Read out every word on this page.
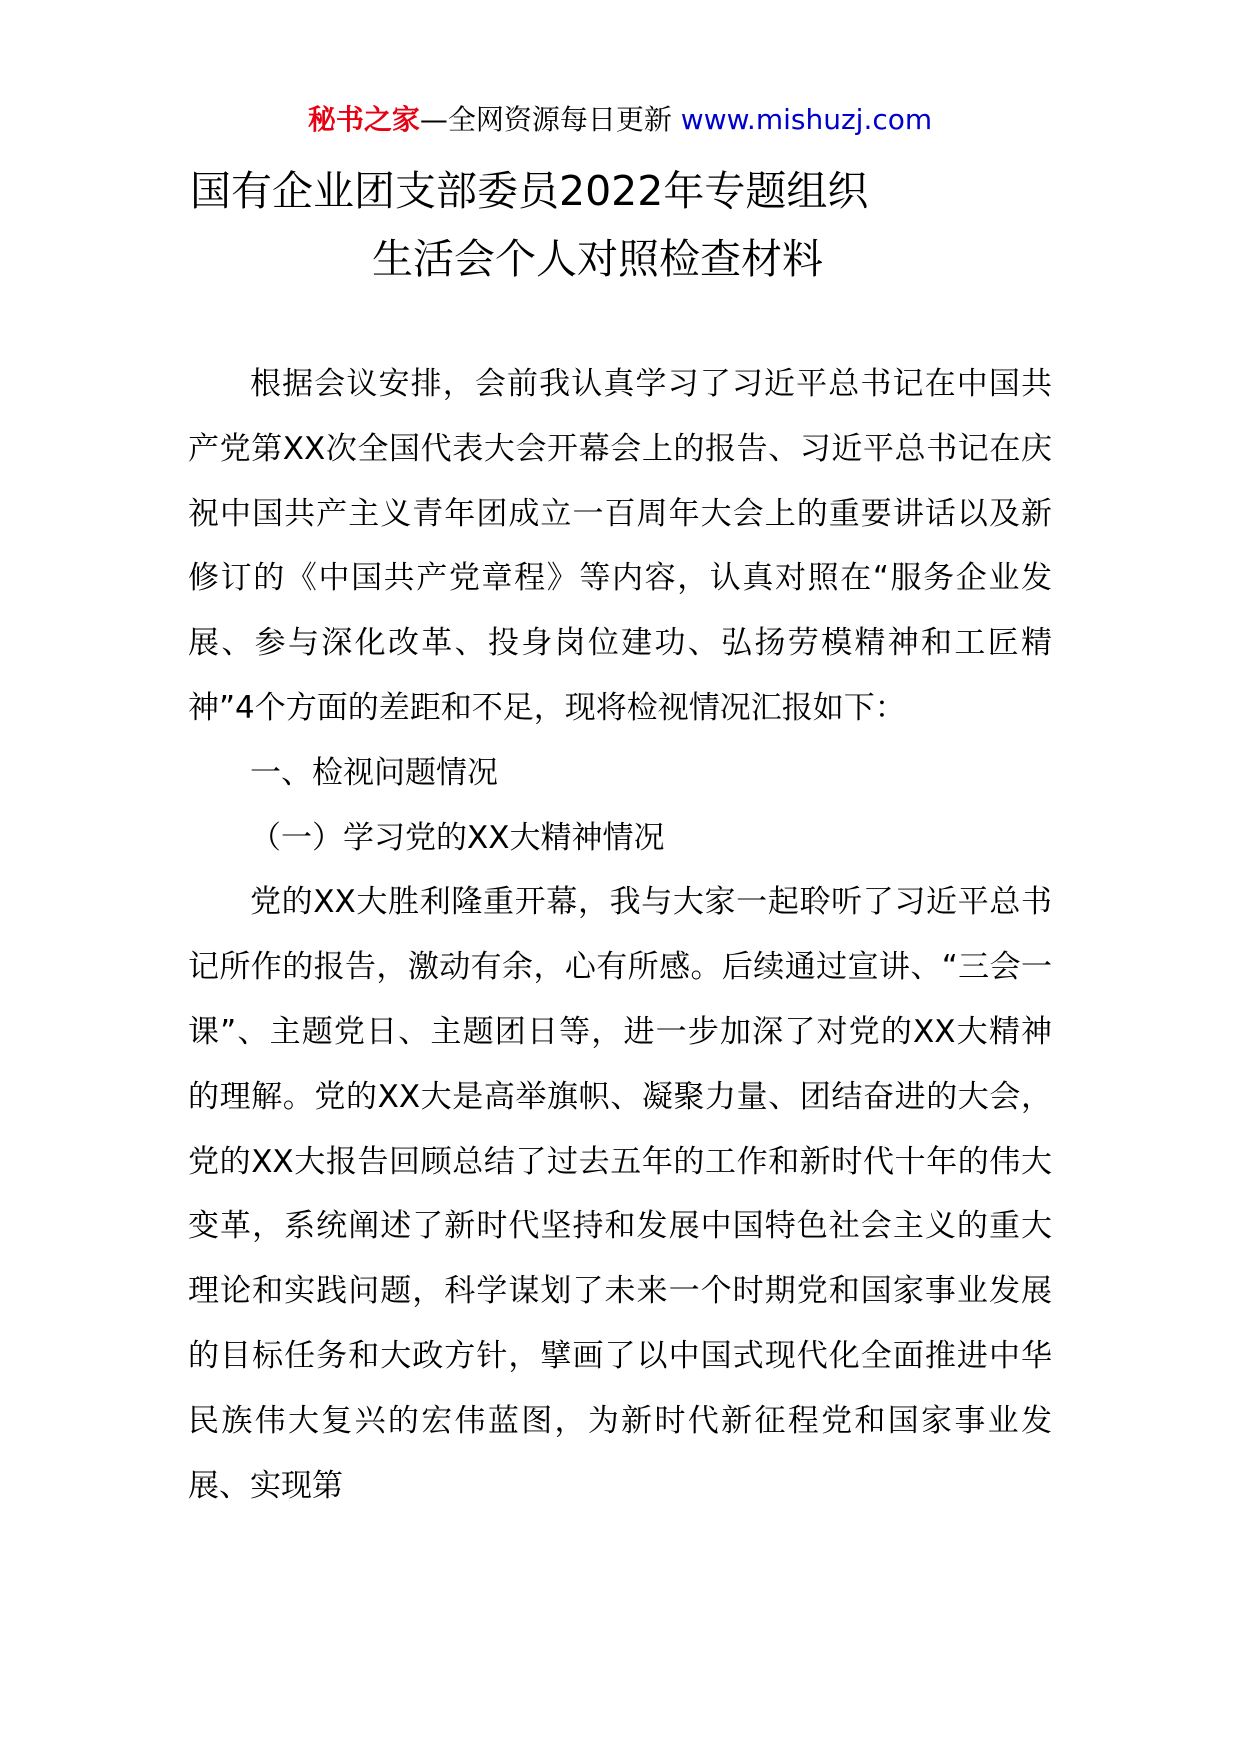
秘书之家—全网资源每日更新 www.mishuzj.com
国有企业团支部委员2022年专题组织
生活会个人对照检查材料

根据会议安排，会前我认真学习了习近平总书记在中国共产党第XX次全国代表大会开幕会上的报告、习近平总书记在庆祝中国共产主义青年团成立一百周年大会上的重要讲话以及新修订的《中国共产党章程》等内容，认真对照在“服务企业发展、参与深化改革、投身岗位建功、弘扬劳模精神和工匠精神”4个方面的差距和不足，现将检视情况汇报如下：

一、检视问题情况

（一）学习党的XX大精神情况

党的XX大胜利隆重开幕，我与大家一起聆听了习近平总书记所作的报告，激动有余，心有所感。后续通过宣讲、“三会一课”、主题党日、主题团日等，进一步加深了对党的XX大精神的理解。党的XX大是高举旗帜、凝聚力量、团结奋进的大会，党的XX大报告回顾总结了过去五年的工作和新时代十年的伟大变革，系统阐述了新时代坚持和发展中国特色社会主义的重大理论和实践问题，科学谋划了未来一个时期党和国家事业发展的目标任务和大政方针，擘画了以中国式现代化全面推进中华民族伟大复兴的宏伟蓝图，为新时代新征程党和国家事业发展、实现第
